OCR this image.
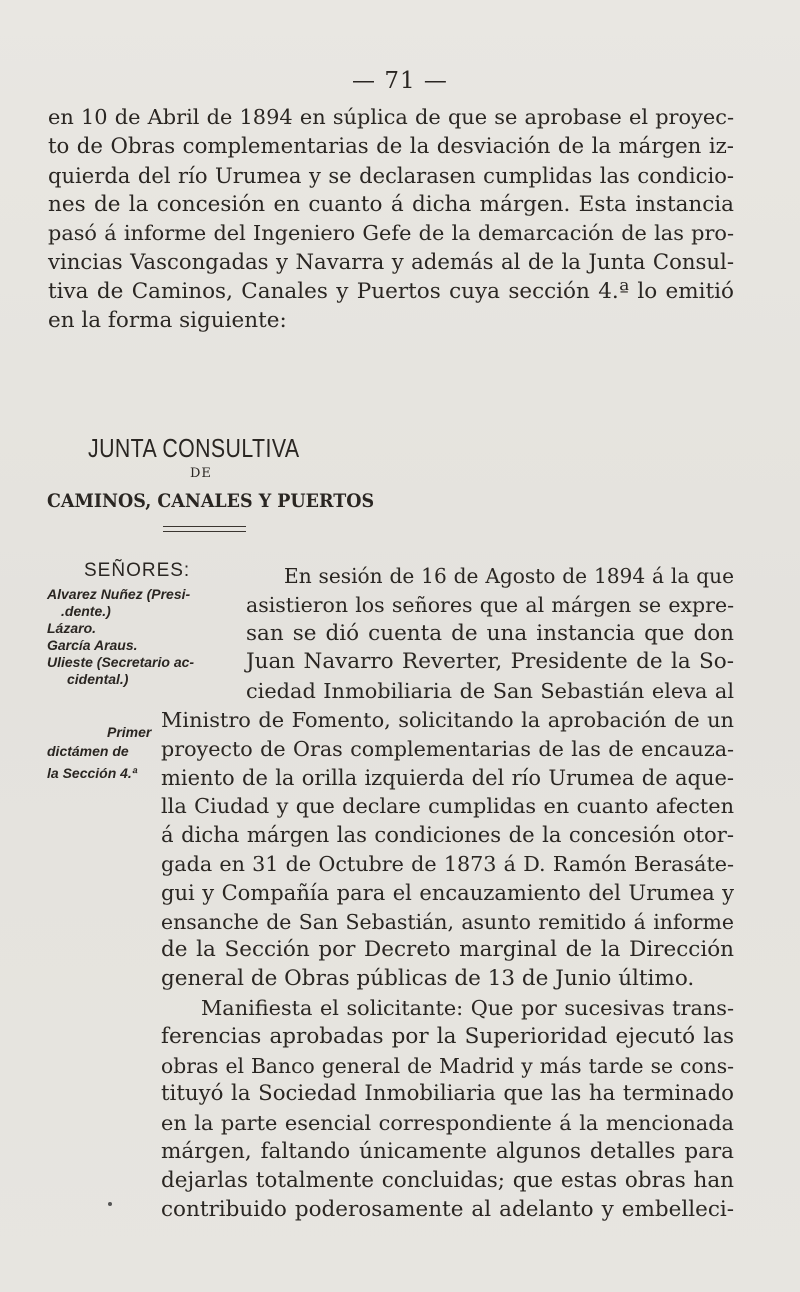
— 71 —
en 10 de Abril de 1894 en súplica de que se aprobase el proyec-
to de Obras complementarias de la desviación de la márgen iz-
quierda del río Urumea y se declarasen cumplidas las condicio-
nes de la concesión en cuanto á dicha márgen. Esta instancia
pasó á informe del Ingeniero Gefe de la demarcación de las pro-
vincias Vascongadas y Navarra y además al de la Junta Consul-
tiva de Caminos, Canales y Puertos cuya sección 4.ª lo emitió
en la forma siguiente:
JUNTA CONSULTIVA
DE
CAMINOS, CANALES Y PUERTOS
SEÑORES:
Alvarez Nuñez (Presi-
.dente.)
Lázaro.
García Araus.
Ulieste (Secretario ac-
cidental.)
Primer
dictámen de
la Sección 4.ª
En sesión de 16 de Agosto de 1894 á la que
asistieron los señores que al márgen se expre-
san se dió cuenta de una instancia que don
Juan Navarro Reverter, Presidente de la So-
ciedad Inmobiliaria de San Sebastián eleva al
Ministro de Fomento, solicitando la aprobación de un
proyecto de Oras complementarias de las de encauza-
miento de la orilla izquierda del río Urumea de aque-
lla Ciudad y que declare cumplidas en cuanto afecten
á dicha márgen las condiciones de la concesión otor-
gada en 31 de Octubre de 1873 á D. Ramón Berasáte-
gui y Compañía para el encauzamiento del Urumea y
ensanche de San Sebastián, asunto remitido á informe
de la Sección por Decreto marginal de la Dirección
general de Obras públicas de 13 de Junio último.
Manifiesta el solicitante: Que por sucesivas trans-
ferencias aprobadas por la Superioridad ejecutó las
obras el Banco general de Madrid y más tarde se cons-
tituyó la Sociedad Inmobiliaria que las ha terminado
en la parte esencial correspondiente á la mencionada
márgen, faltando únicamente algunos detalles para
dejarlas totalmente concluidas; que estas obras han
contribuido poderosamente al adelanto y embelleci-
